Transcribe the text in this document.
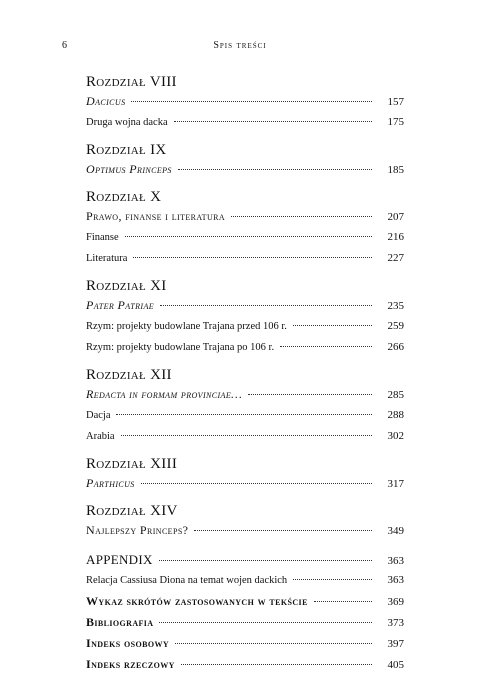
6	Spis treści
Rozdział VIII
Dacicus	157
Druga wojna dacka	175
Rozdział IX
Optimus Princeps	185
Rozdział X
Prawo, finanse i literatura	207
Finanse	216
Literatura	227
Rozdział XI
Pater Patriae	235
Rzym: projekty budowlane Trajana przed 106 r.	259
Rzym: projekty budowlane Trajana po 106 r.	266
Rozdział XII
Redacta in formam provinciae…	285
Dacja	288
Arabia	302
Rozdział XIII
Parthicus	317
Rozdział XIV
Najlepszy Princeps?	349
APPENDIX	363
Relacja Cassiusa Diona na temat wojen dackich	363
Wykaz skrótów zastosowanych w tekście	369
Bibliografia	373
Indeks osobowy	397
Indeks rzeczowy	405
